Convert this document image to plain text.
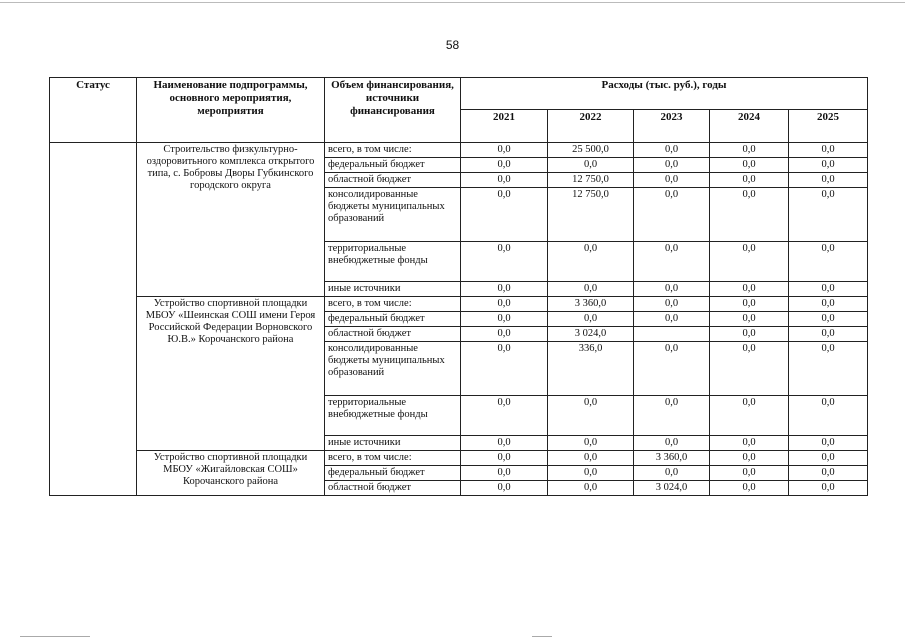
58
Статус	Наименование подпрограммы, основного мероприятия, мероприятия	Объем финансирования, источники финансирования	Расходы (тыс. руб.), годы				
			2021	2022	2023	2024	2025
	Строительство физкультурно-оздоровитьного комплекса открытого типа, с. Бобровы Дворы Губкинского городского округа	всего, в том числе:	0,0	25 500,0	0,0	0,0	0,0
		федеральный бюджет	0,0	0,0	0,0	0,0	0,0
		областной бюджет	0,0	12 750,0	0,0	0,0	0,0
		консолидированные бюджеты муниципальных образований	0,0	12 750,0	0,0	0,0	0,0
		территориальные внебюджетные фонды	0,0	0,0	0,0	0,0	0,0
		иные источники	0,0	0,0	0,0	0,0	0,0
	Устройство спортивной площадки МБОУ «Шеинская СОШ имени Героя Российской Федерации Ворновского Ю.В.» Корочанского района	всего, в том числе:	0,0	3 360,0	0,0	0,0	0,0
		федеральный бюджет	0,0	0,0	0,0	0,0	0,0
		областной бюджет	0,0	3 024,0		0,0	0,0
		консолидированные бюджеты муниципальных образований	0,0	336,0	0,0	0,0	0,0
		территориальные внебюджетные фонды	0,0	0,0	0,0	0,0	0,0
		иные источники	0,0	0,0	0,0	0,0	0,0
	Устройство спортивной площадки МБОУ «Жигайловская СОШ» Корочанского района	всего, в том числе:	0,0	0,0	3 360,0	0,0	0,0
		федеральный бюджет	0,0	0,0	0,0	0,0	0,0
		областной бюджет	0,0	0,0	3 024,0	0,0	0,0
